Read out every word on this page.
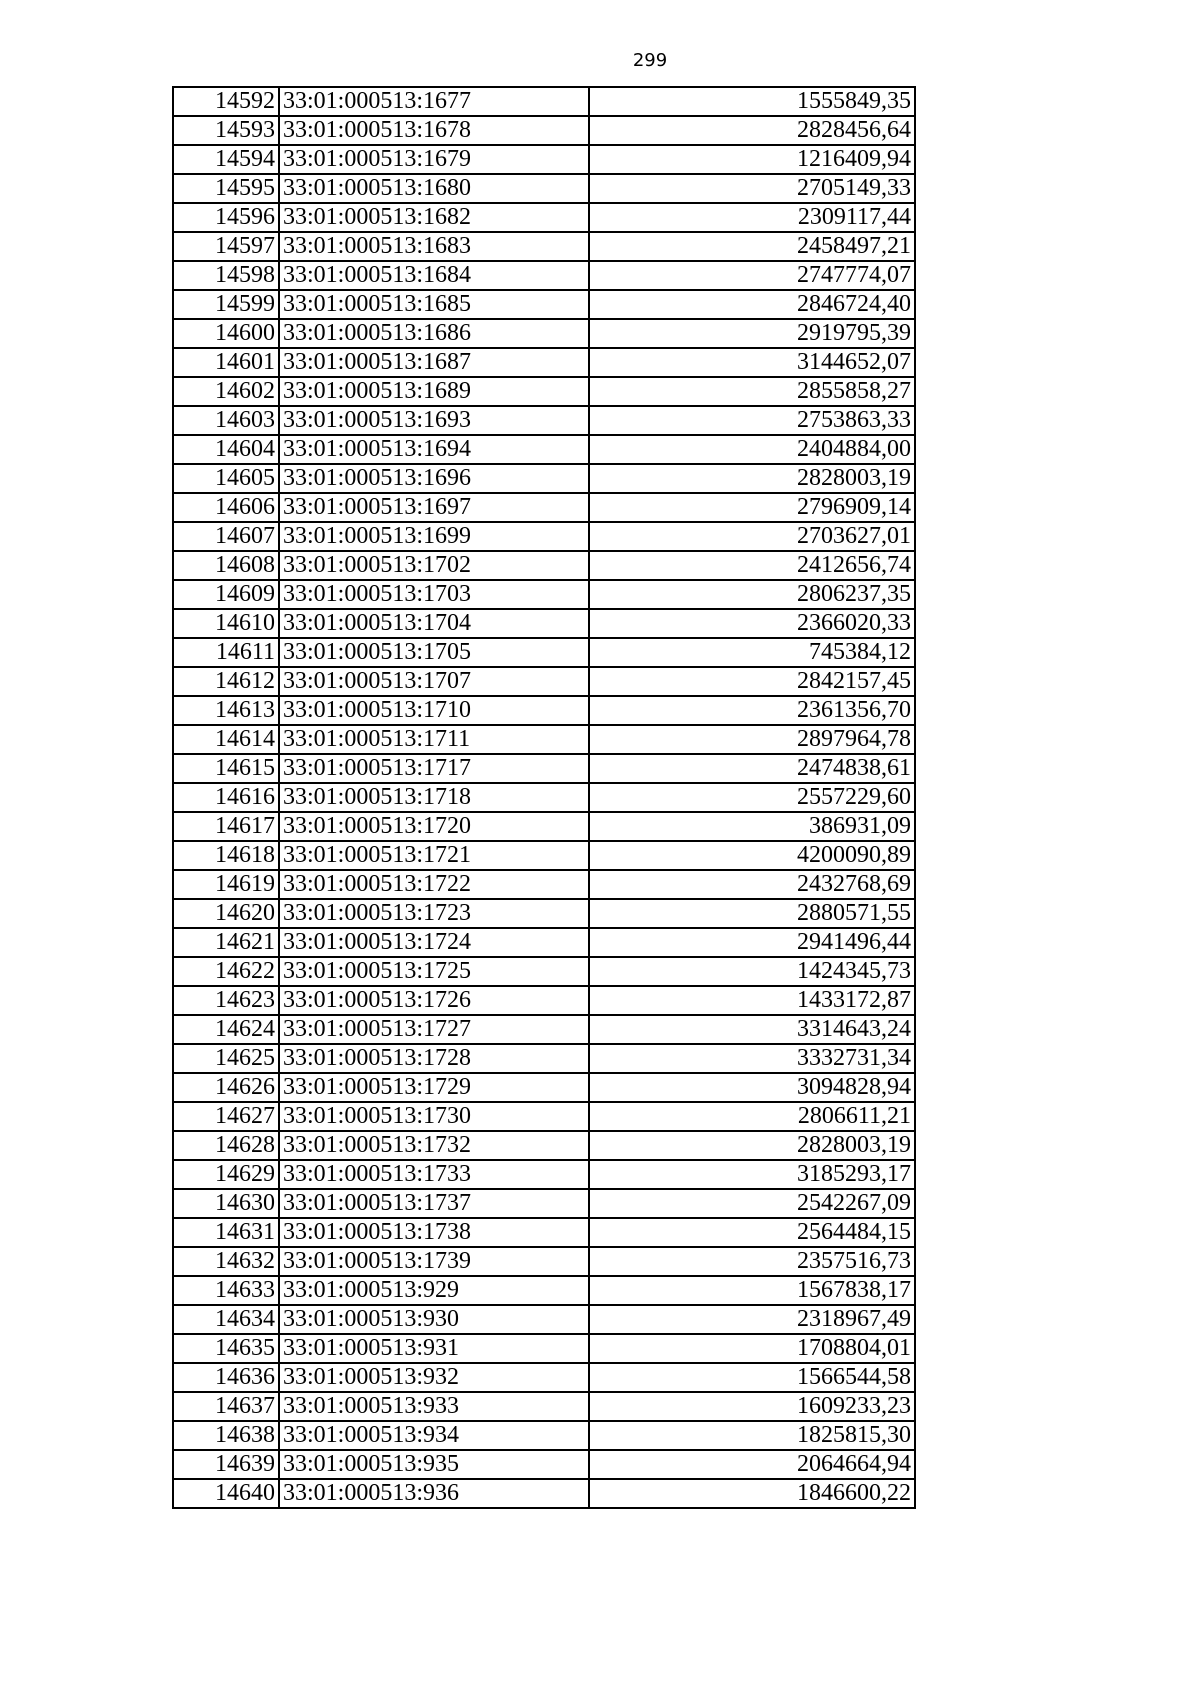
299
14592	33:01:000513:1677	1555849,35
14593	33:01:000513:1678	2828456,64
14594	33:01:000513:1679	1216409,94
14595	33:01:000513:1680	2705149,33
14596	33:01:000513:1682	2309117,44
14597	33:01:000513:1683	2458497,21
14598	33:01:000513:1684	2747774,07
14599	33:01:000513:1685	2846724,40
14600	33:01:000513:1686	2919795,39
14601	33:01:000513:1687	3144652,07
14602	33:01:000513:1689	2855858,27
14603	33:01:000513:1693	2753863,33
14604	33:01:000513:1694	2404884,00
14605	33:01:000513:1696	2828003,19
14606	33:01:000513:1697	2796909,14
14607	33:01:000513:1699	2703627,01
14608	33:01:000513:1702	2412656,74
14609	33:01:000513:1703	2806237,35
14610	33:01:000513:1704	2366020,33
14611	33:01:000513:1705	745384,12
14612	33:01:000513:1707	2842157,45
14613	33:01:000513:1710	2361356,70
14614	33:01:000513:1711	2897964,78
14615	33:01:000513:1717	2474838,61
14616	33:01:000513:1718	2557229,60
14617	33:01:000513:1720	386931,09
14618	33:01:000513:1721	4200090,89
14619	33:01:000513:1722	2432768,69
14620	33:01:000513:1723	2880571,55
14621	33:01:000513:1724	2941496,44
14622	33:01:000513:1725	1424345,73
14623	33:01:000513:1726	1433172,87
14624	33:01:000513:1727	3314643,24
14625	33:01:000513:1728	3332731,34
14626	33:01:000513:1729	3094828,94
14627	33:01:000513:1730	2806611,21
14628	33:01:000513:1732	2828003,19
14629	33:01:000513:1733	3185293,17
14630	33:01:000513:1737	2542267,09
14631	33:01:000513:1738	2564484,15
14632	33:01:000513:1739	2357516,73
14633	33:01:000513:929	1567838,17
14634	33:01:000513:930	2318967,49
14635	33:01:000513:931	1708804,01
14636	33:01:000513:932	1566544,58
14637	33:01:000513:933	1609233,23
14638	33:01:000513:934	1825815,30
14639	33:01:000513:935	2064664,94
14640	33:01:000513:936	1846600,22
